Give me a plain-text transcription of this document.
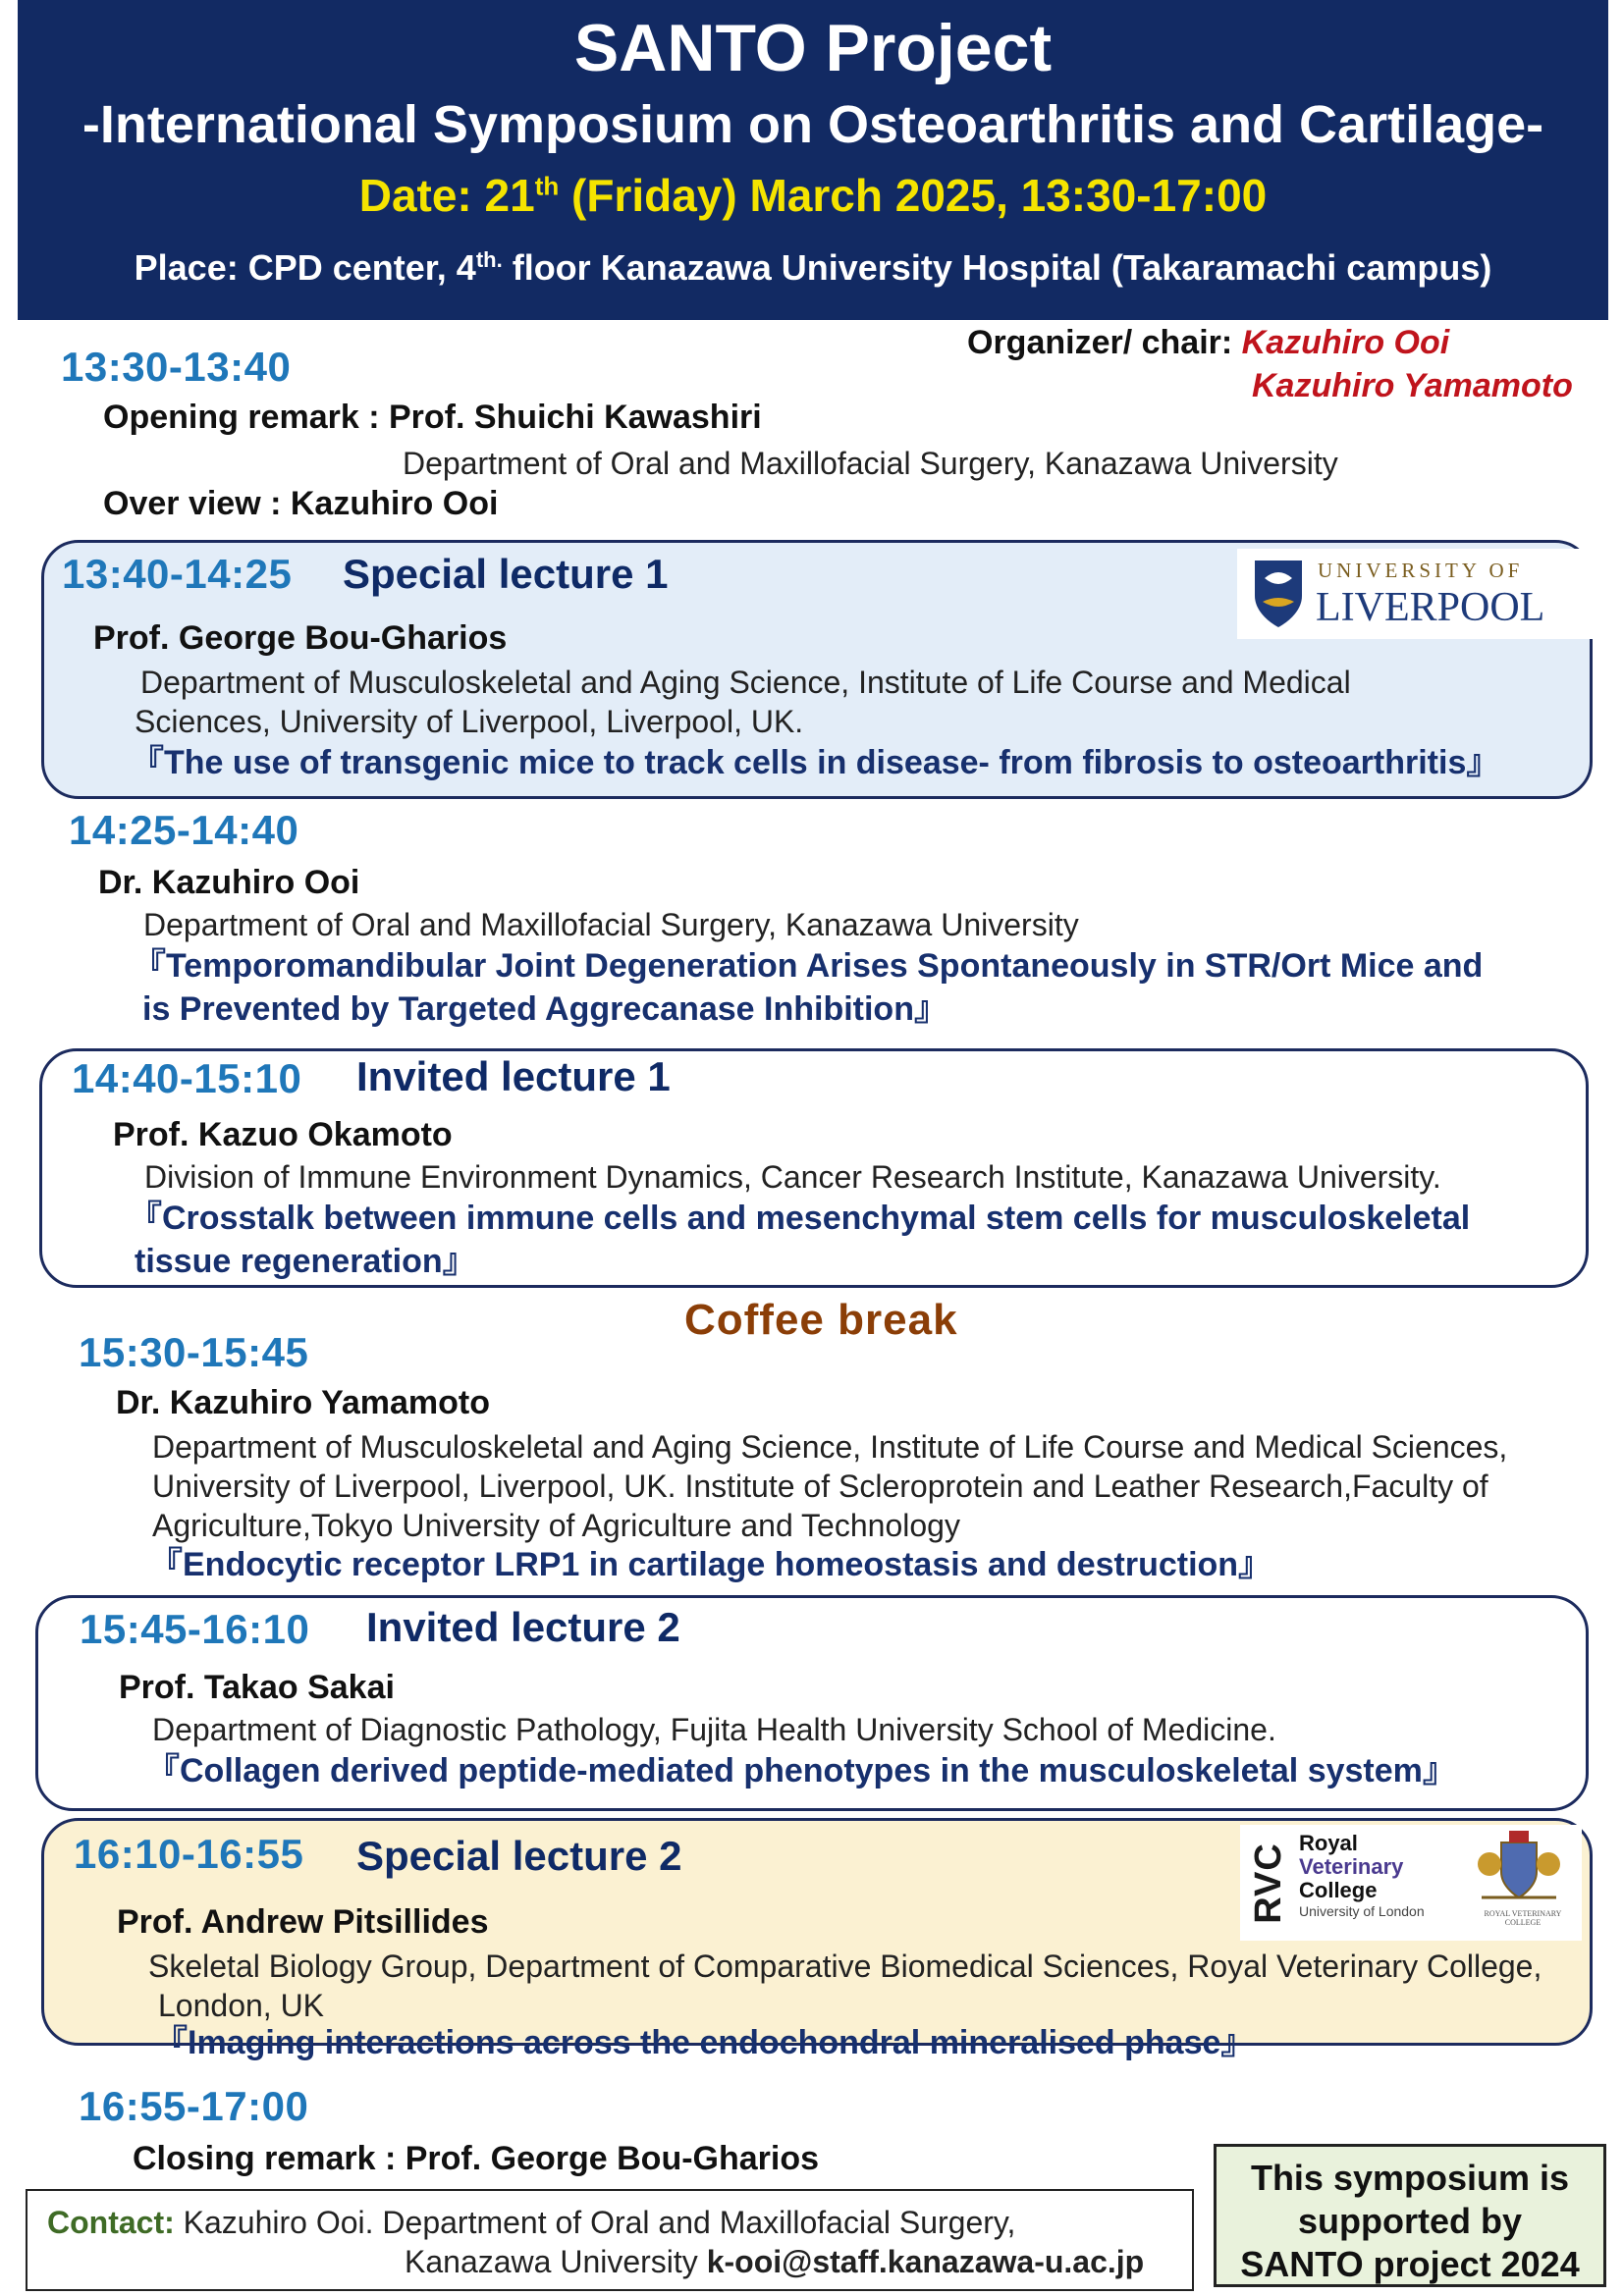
SANTO Project
-International Symposium on Osteoarthritis and Cartilage-
Date: 21th (Friday) March 2025, 13:30-17:00
Place: CPD center, $4^{th.}$ floor Kanazawa University Hospital (Takaramachi campus)
Organizer/ chair: Kazuhiro Ooi
Kazuhiro Yamamoto
13:30-13:40
Opening remark : Prof. Shuichi Kawashiri
Department of Oral and Maxillofacial Surgery, Kanazawa University
Over view : Kazuhiro Ooi
13:40-14:25 Special lecture 1	UNIVERSITY OF
LIVERPOOL
Prof. George Bou-Gharios
Department of Musculoskeletal and Aging Science, Institute of Life Course and Medical
Sciences, University of Liverpool, Liverpool, UK.
『The use of transgenic mice to track cells in disease- from fibrosis to osteoarthritis』
14:25-14:40
Dr. Kazuhiro Ooi
Department of Oral and Maxillofacial Surgery, Kanazawa University
『Temporomandibular Joint Degeneration Arises Spontaneously in STR/Ort Mice and
is Prevented by Targeted Aggrecanase Inhibition』
14:40-15:10 Invited lecture 1
Prof. Kazuo Okamoto
Division of Immune Environment Dynamics, Cancer Research Institute, Kanazawa University.
『Crosstalk between immune cells and mesenchymal stem cells for musculoskeletal
tissue regeneration』
Coffee break
15:30-15:45
Dr. Kazuhiro Yamamoto
Department of Musculoskeletal and Aging Science, Institute of Life Course and Medical Sciences,
University of Liverpool, Liverpool, UK. Institute of Scleroprotein and Leather Research,Faculty of
Agriculture,Tokyo University of Agriculture and Technology
『Endocytic receptor LRP1 in cartilage homeostasis and destruction』
15:45-16:10 Invited lecture 2
Prof. Takao Sakai
Department of Diagnostic Pathology, Fujita Health University School of Medicine.
『Collagen derived peptide-mediated phenotypes in the musculoskeletal system』
16:10-16:55 Special lecture 2	RVC Royal
Veterinary
College
University of London	ROYAL VETERINARY COLLEGE
Prof. Andrew Pitsillides
Skeletal Biology Group, Department of Comparative Biomedical Sciences, Royal Veterinary College,
London, UK
『Imaging interactions across the endochondral mineralised phase』
16:55-17:00
Closing remark : Prof. George Bou-Gharios
Contact: Kazuhiro Ooi. Department of Oral and Maxillofacial Surgery,
Kanazawa University k-ooi@staff.kanazawa-u.ac.jp
This symposium is
supported by
SANTO project 2024
